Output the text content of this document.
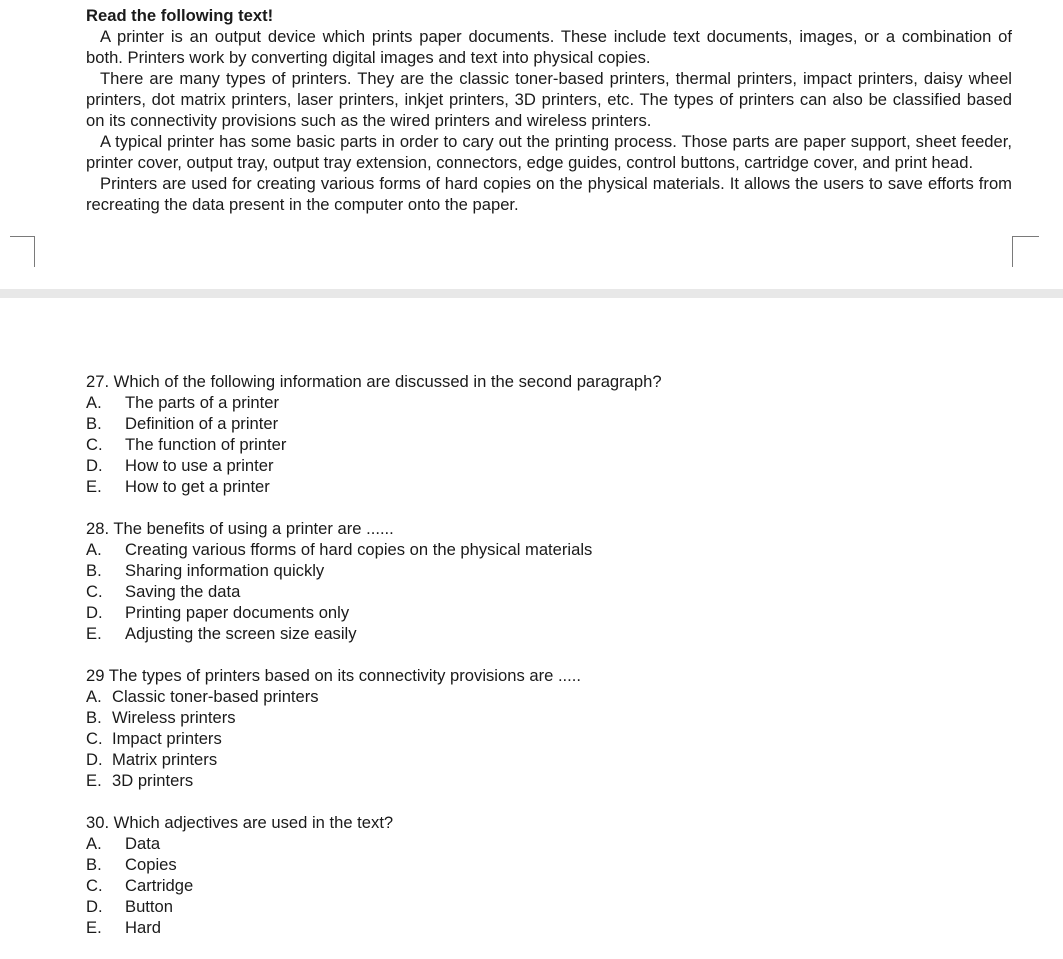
Read the following text!

A printer is an output device which prints paper documents. These include text documents, images, or a combination of both. Printers work by converting digital images and text into physical copies.

There are many types of printers. They are the classic toner-based printers, thermal printers, impact printers, daisy wheel printers, dot matrix printers, laser printers, inkjet printers, 3D printers, etc. The types of printers can also be classified based on its connectivity provisions such as the wired printers and wireless printers.

A typical printer has some basic parts in order to cary out the printing process. Those parts are paper support, sheet feeder, printer cover, output tray, output tray extension, connectors, edge guides, control buttons, cartridge cover, and print head.

Printers are used for creating various forms of hard copies on the physical materials. It allows the users to save efforts from recreating the data present in the computer onto the paper.

27. Which of the following information are discussed in the second paragraph?

A.	The parts of a printer
B.	Definition of a printer
C.	The function of printer
D.	How to use a printer
E.	How to get a printer

28. The benefits of using a printer are ......

A.	Creating various fforms of hard copies on the physical materials
B.	Sharing information quickly
C.	Saving the data
D.	Printing paper documents only
E.	Adjusting the screen size easily

29 The types of printers based on its connectivity provisions are .....

A. Classic toner-based printers
B. Wireless printers
C. Impact printers
D. Matrix printers
E. 3D printers

30. Which adjectives are used in the text?

A.	Data
B.	Copies
C.	Cartridge
D.	Button
E.	Hard
